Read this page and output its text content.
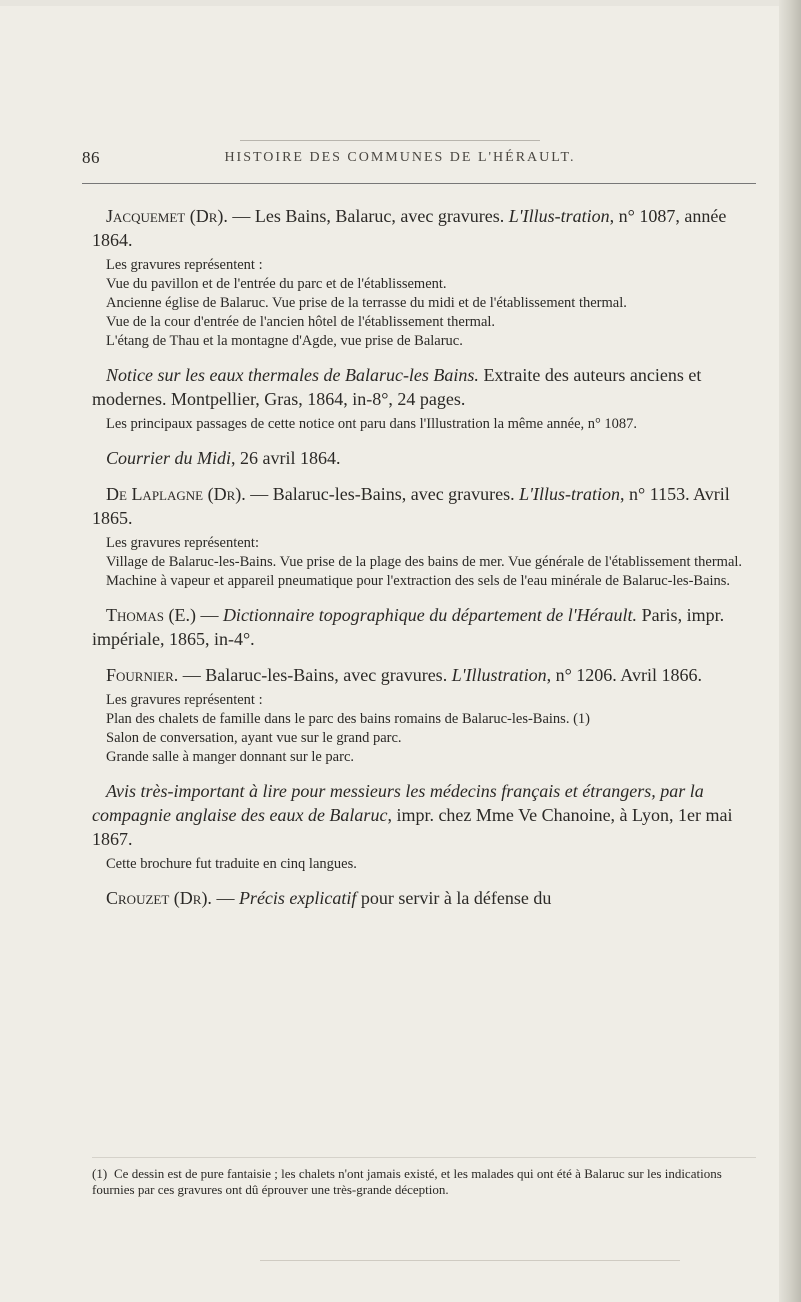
86	HISTOIRE DES COMMUNES DE L'HÉRAULT.

Jacquemet (Dr). — Les Bains, Balaruc, avec gravures. L'Illus-tration, n° 1087, année 1864.

Les gravures représentent :
Vue du pavillon et de l'entrée du parc et de l'établissement.
Ancienne église de Balaruc. Vue prise de la terrasse du midi et de l'établissement thermal.
Vue de la cour d'entrée de l'ancien hôtel de l'établissement thermal.
L'étang de Thau et la montagne d'Agde, vue prise de Balaruc.

Notice sur les eaux thermales de Balaruc-les Bains. Extraite des auteurs anciens et modernes. Montpellier, Gras, 1864, in-8°, 24 pages.

Les principaux passages de cette notice ont paru dans l'Illustration la même année, n° 1087.

Courrier du Midi, 26 avril 1864.

De Laplagne (Dr). — Balaruc-les-Bains, avec gravures. L'Illus-tration, n° 1153. Avril 1865.

Les gravures représentent:
Village de Balaruc-les-Bains. Vue prise de la plage des bains de mer. Vue générale de l'établissement thermal.
Machine à vapeur et appareil pneumatique pour l'extraction des sels de l'eau minérale de Balaruc-les-Bains.

Thomas (E.) — Dictionnaire topographique du département de l'Hérault. Paris, impr. impériale, 1865, in-4°.

Fournier. — Balaruc-les-Bains, avec gravures. L'Illustration, n° 1206. Avril 1866.

Les gravures représentent :
Plan des chalets de famille dans le parc des bains romains de Balaruc-les-Bains. (1)
Salon de conversation, ayant vue sur le grand parc.
Grande salle à manger donnant sur le parc.

Avis très-important à lire pour messieurs les médecins français et étrangers, par la compagnie anglaise des eaux de Balaruc, impr. chez Mme Ve Chanoine, à Lyon, 1er mai 1867.

Cette brochure fut traduite en cinq langues.

Crouzet (Dr). — Précis explicatif pour servir à la défense du

(1) Ce dessin est de pure fantaisie ; les chalets n'ont jamais existé, et les malades qui ont été à Balaruc sur les indications fournies par ces gravures ont dû éprouver une très-grande déception.
